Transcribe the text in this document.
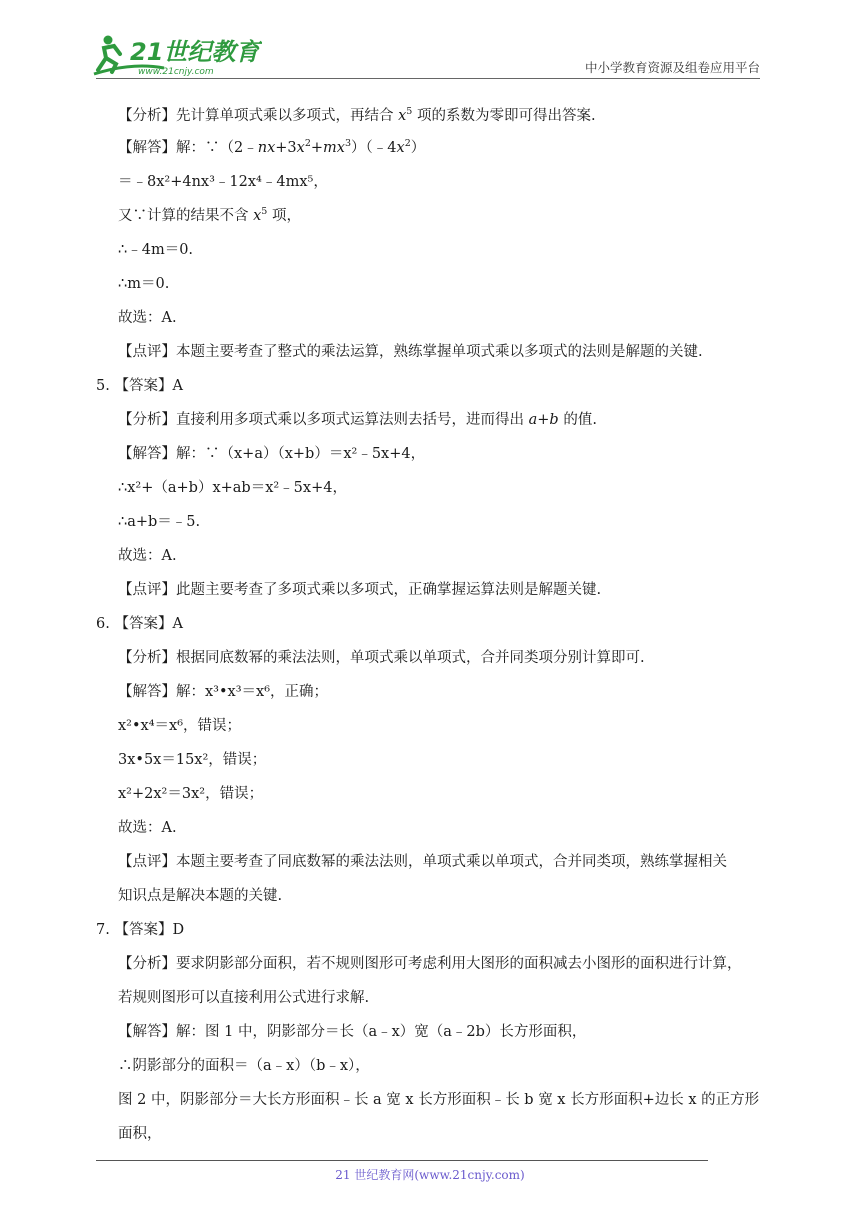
21世纪教育
www.21cnjy.com	中小学教育资源及组卷应用平台
【分析】先计算单项式乘以多项式，再结合 $x^5$ 项的系数为零即可得出答案.
【解答】解：$\because(2﹣nx+3x^2+mx^3)(﹣4x^2)$
＝﹣8x²+4nx³﹣12x⁴﹣4mx⁵，
又∵计算的结果不含 $x^5$ 项，
∴﹣4m＝0.
∴m＝0.
故选：A.
【点评】本题主要考查了整式的乘法运算，熟练掌握单项式乘以多项式的法则是解题的关键.
5. 【答案】A
【分析】直接利用多项式乘以多项式运算法则去括号，进而得出 a+b 的值.
【解答】解：∵（x+a）（x+b）＝x²﹣5x+4，
∴x²+（a+b）x+ab＝x²﹣5x+4，
∴a+b＝﹣5.
故选：A.
【点评】此题主要考查了多项式乘以多项式，正确掌握运算法则是解题关键.
6. 【答案】A
【分析】根据同底数幂的乘法法则，单项式乘以单项式，合并同类项分别计算即可.
【解答】解：x³•x³＝x⁶，正确；
x²•x⁴＝x⁶，错误；
3x•5x＝15x²，错误；
x²+2x²＝3x²，错误；
故选：A.
【点评】本题主要考查了同底数幂的乘法法则，单项式乘以单项式，合并同类项，熟练掌握相关
知识点是解决本题的关键.
7. 【答案】D
【分析】要求阴影部分面积，若不规则图形可考虑利用大图形的面积减去小图形的面积进行计算，
若规则图形可以直接利用公式进行求解.
【解答】解：图 1 中，阴影部分＝长（a﹣x）宽（a﹣2b）长方形面积，
∴阴影部分的面积＝（a﹣x）（b﹣x），
图 2 中，阴影部分＝大长方形面积﹣长 a 宽 x 长方形面积﹣长 b 宽 x 长方形面积+边长 x 的正方形
面积，
21 世纪教育网(www.21cnjy.com)
